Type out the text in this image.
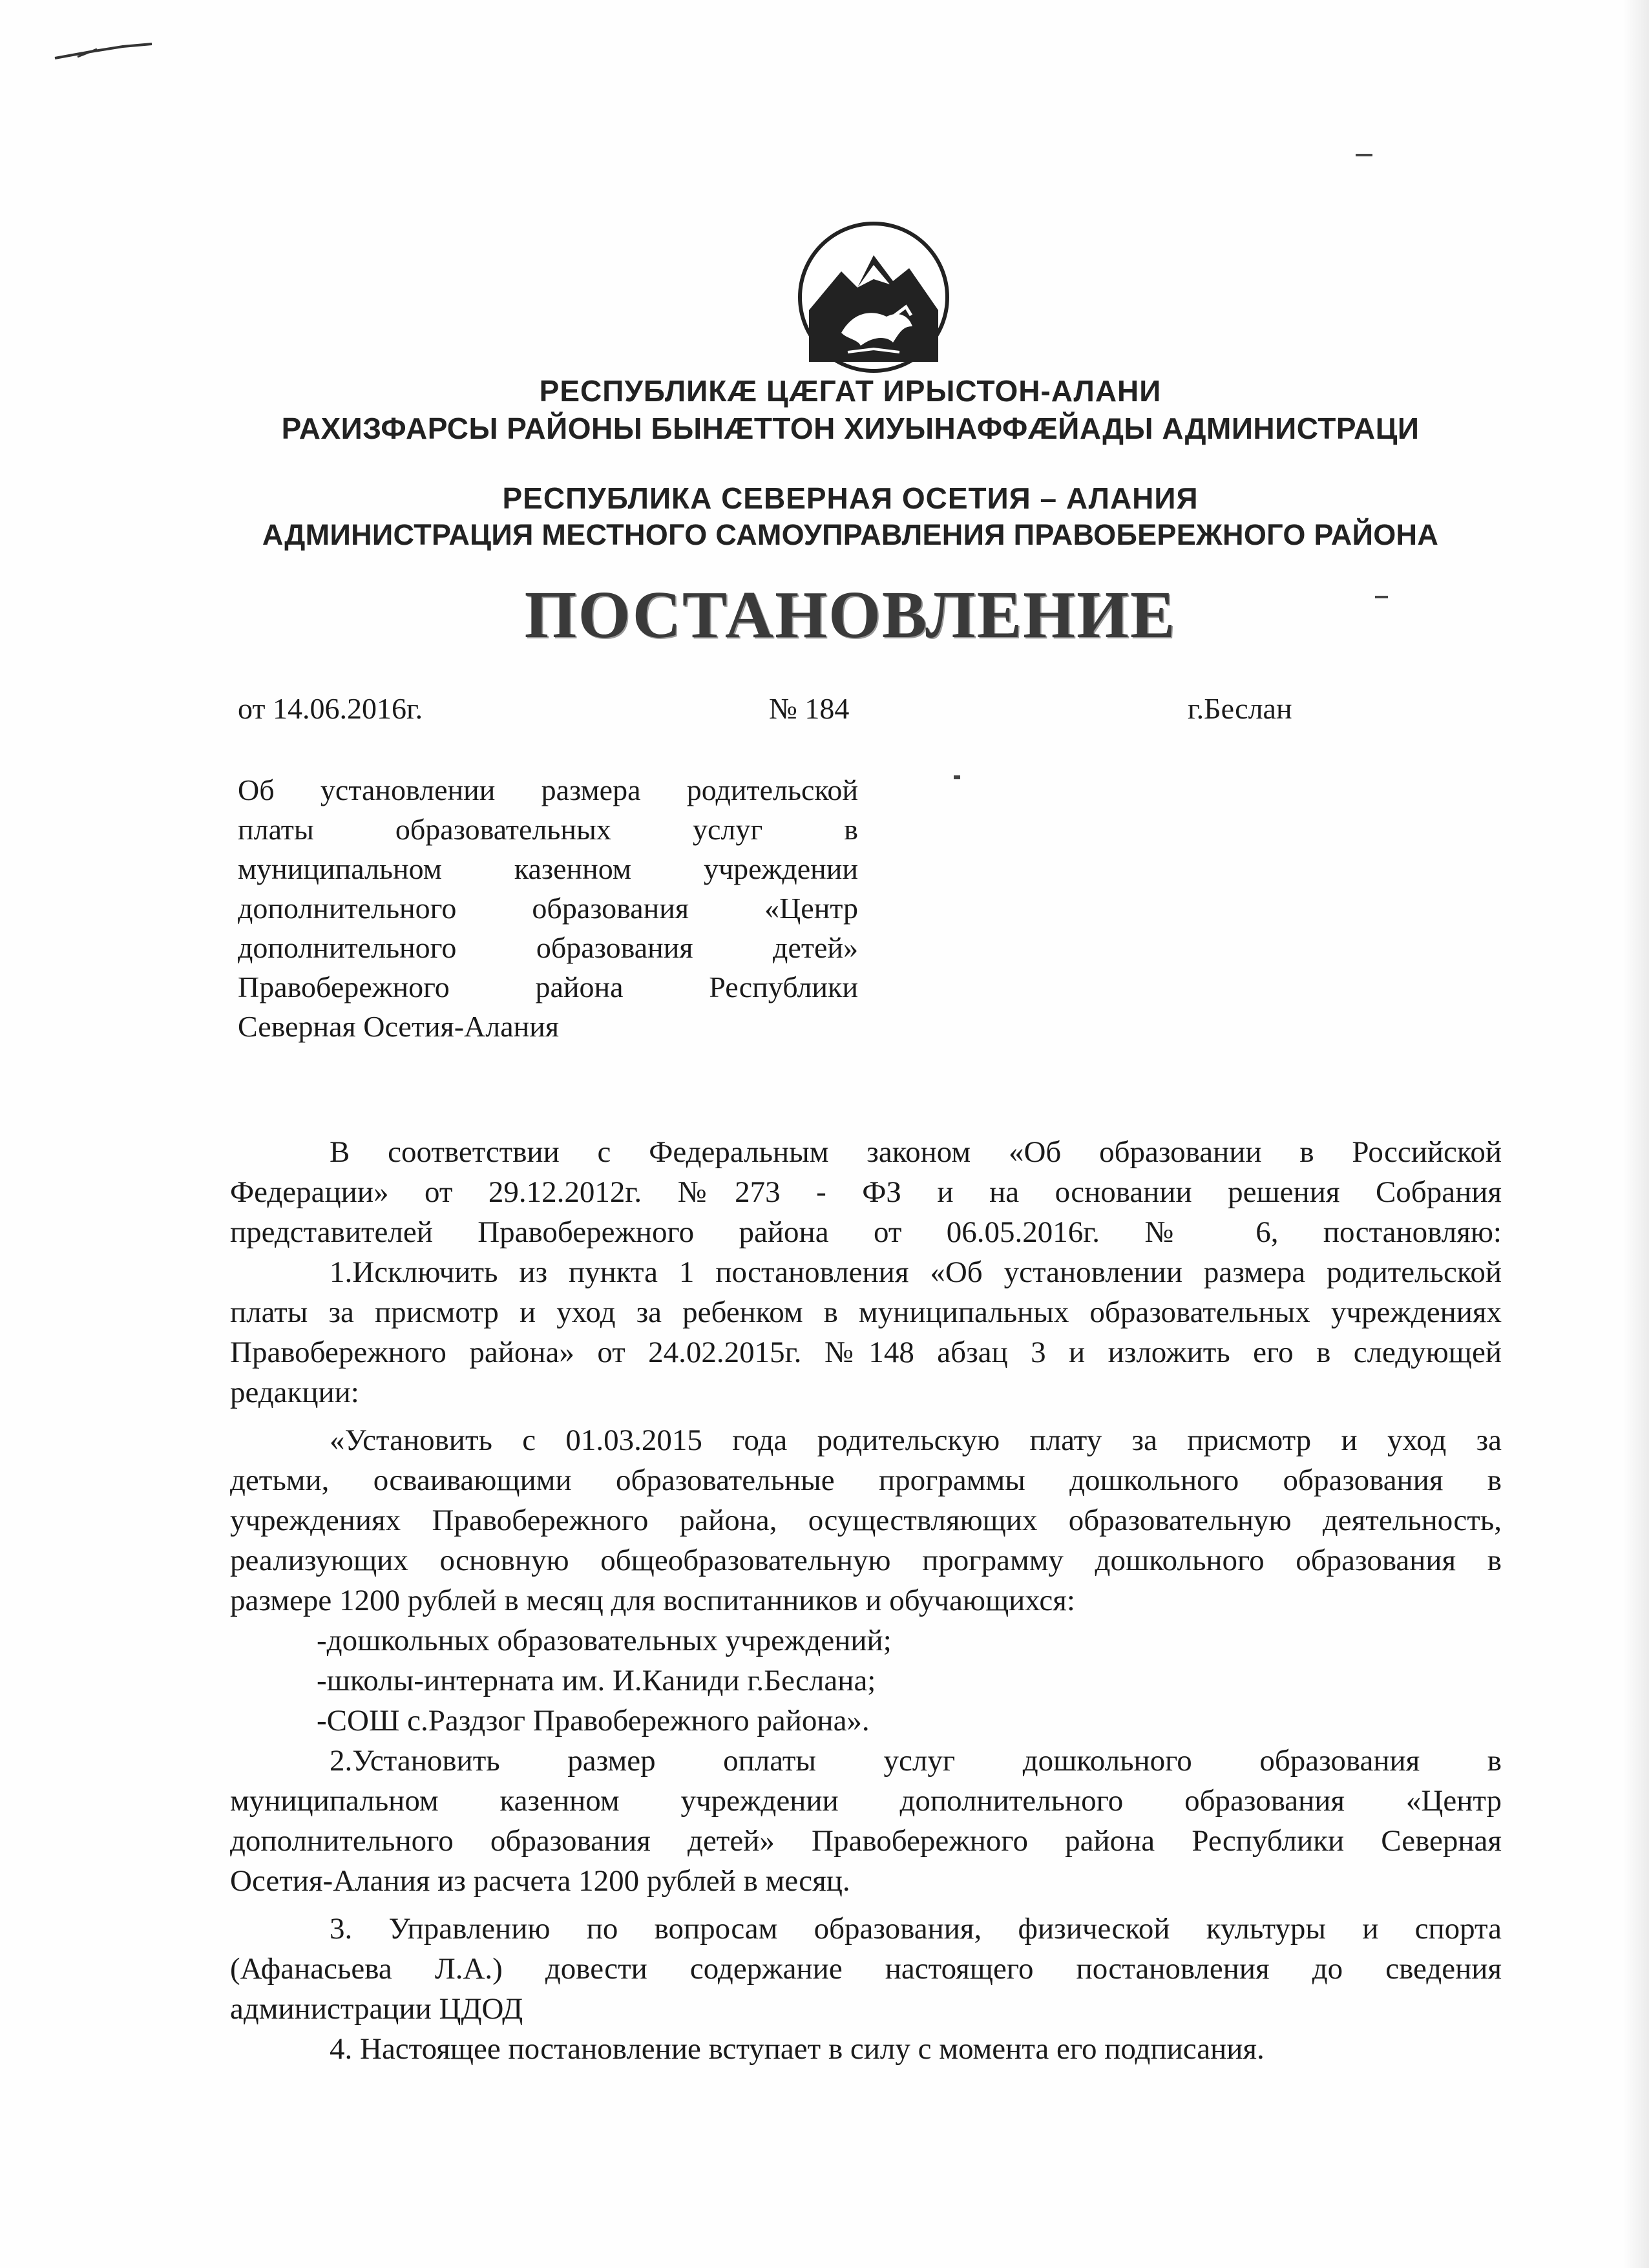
РЕСПУБЛИКÆ ЦÆГАТ ИРЫСТОН-АЛАНИ
РАХИЗФАРСЫ РАЙОНЫ БЫНÆТТОН ХИУЫНАФФÆЙАДЫ АДМИНИСТРАЦИ
РЕСПУБЛИКА СЕВЕРНАЯ ОСЕТИЯ – АЛАНИЯ
АДМИНИСТРАЦИЯ МЕСТНОГО САМОУПРАВЛЕНИЯ ПРАВОБЕРЕЖНОГО РАЙОНА
ПОСТАНОВЛЕНИЕ
от 14.06.2016г.	№ 184	г.Беслан
Об установлении размера родительской
платы образовательных услуг в
муниципальном казенном учреждении
дополнительного образования «Центр
дополнительного образования детей»
Правобережного района Республики
Северная Осетия-Алания
В соответствии с Федеральным законом «Об образовании в Российской
Федерации» от 29.12.2012г. №273 - ФЗ и на основании решения Собрания
представителей Правобережного района от 06.05.2016г. № 6, постановляю:
1.Исключить из пункта 1 постановления «Об установлении размера родительской
платы за присмотр и уход за ребенком в муниципальных образовательных учреждениях
Правобережного района» от 24.02.2015г. №148 абзац 3 и изложить его в следующей
редакции:
«Установить с 01.03.2015 года родительскую плату за присмотр и уход за
детьми, осваивающими образовательные программы дошкольного образования в
учреждениях Правобережного района, осуществляющих образовательную деятельность,
реализующих основную общеобразовательную программу дошкольного образования в
размере 1200 рублей в месяц для воспитанников и обучающихся:
-дошкольных образовательных учреждений;
-школы-интерната им. И.Каниди г.Беслана;
-СОШ с.Раздзог Правобережного района».
2.Установить размер оплаты услуг дошкольного образования в
муниципальном казенном учреждении дополнительного образования «Центр
дополнительного образования детей» Правобережного района Республики Северная
Осетия-Алания из расчета 1200 рублей в месяц.
3. Управлению по вопросам образования, физической культуры и спорта
(Афанасьева Л.А.) довести содержание настоящего постановления до сведения
администрации ЦДОД
4. Настоящее постановление вступает в силу с момента его подписания.
